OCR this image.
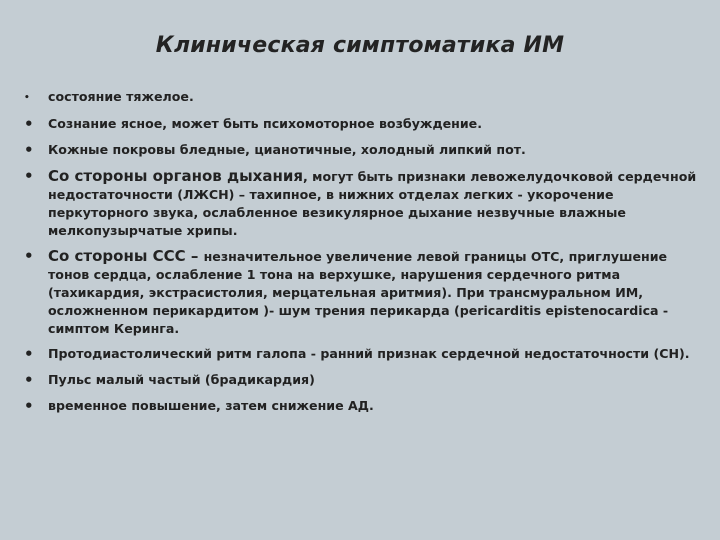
Клиническая симптоматика ИМ
• состояние тяжелое.
• Сознание ясное, может быть психомоторное возбуждение.
• Кожные покровы бледные, цианотичные, холодный липкий пот.
• Со стороны органов дыхания, могут быть признаки левожелудочковой сердечной недостаточности (ЛЖСН) – тахипное, в нижних отделах легких - укорочение перкуторного звука, ослабленное везикулярное дыхание незвучные влажные мелкопузырчатые хрипы.
• Со стороны ССС – незначительное увеличение левой границы ОТС, приглушение тонов сердца, ослабление 1 тона на верхушке, нарушения сердечного ритма (тахикардия, экстрасистолия, мерцательная аритмия). При трансмуральном ИМ, осложненном перикардитом )- шум трения перикарда (pericarditis epistenocardica - симптом Керинга.
• Протодиастолический ритм галопа - ранний признак сердечной недостаточности (СН).
• Пульс малый частый (брадикардия)
• временное повышение, затем снижение АД.
